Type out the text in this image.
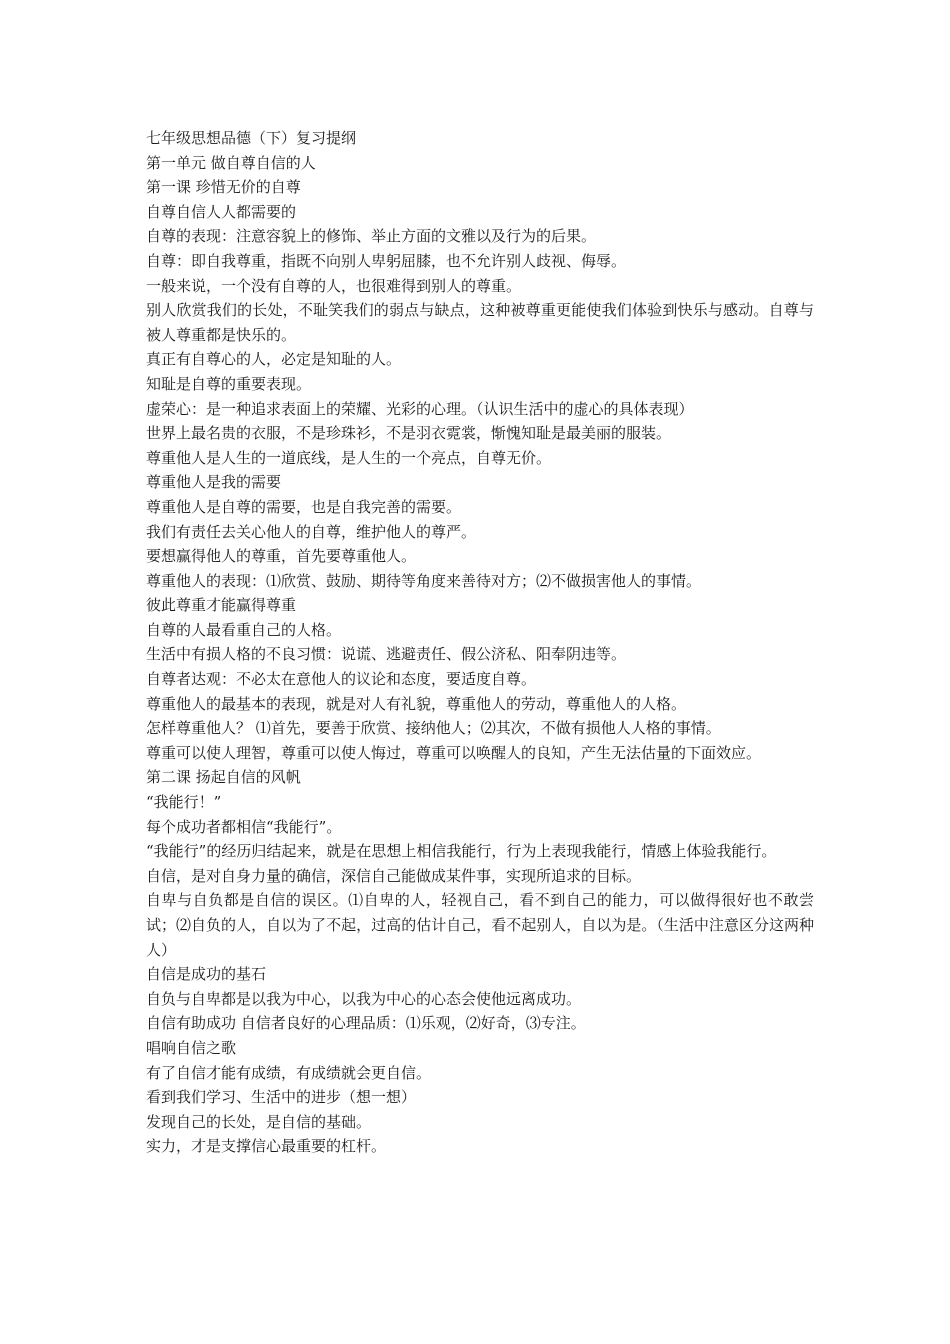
七年级思想品德（下）复习提纲

第一单元 做自尊自信的人

第一课 珍惜无价的自尊

自尊自信人人都需要的

自尊的表现：注意容貌上的修饰、举止方面的文雅以及行为的后果。

自尊：即自我尊重，指既不向别人卑躬屈膝，也不允许别人歧视、侮辱。

一般来说，一个没有自尊的人，也很难得到别人的尊重。

别人欣赏我们的长处，不耻笑我们的弱点与缺点，这种被尊重更能使我们体验到快乐与感动。自尊与被人尊重都是快乐的。

真正有自尊心的人，必定是知耻的人。

知耻是自尊的重要表现。

虚荣心：是一种追求表面上的荣耀、光彩的心理。（认识生活中的虚心的具体表现）

世界上最名贵的衣服，不是珍珠衫，不是羽衣霓裳，惭愧知耻是最美丽的服装。

尊重他人是人生的一道底线，是人生的一个亮点，自尊无价。

尊重他人是我的需要

尊重他人是自尊的需要，也是自我完善的需要。

我们有责任去关心他人的自尊，维护他人的尊严。

要想赢得他人的尊重，首先要尊重他人。

尊重他人的表现：⑴欣赏、鼓励、期待等角度来善待对方；⑵不做损害他人的事情。

彼此尊重才能赢得尊重

自尊的人最看重自己的人格。

生活中有损人格的不良习惯：说谎、逃避责任、假公济私、阳奉阴违等。

自尊者达观：不必太在意他人的议论和态度，要适度自尊。

尊重他人的最基本的表现，就是对人有礼貌，尊重他人的劳动，尊重他人的人格。

怎样尊重他人？ ⑴首先，要善于欣赏、接纳他人；⑵其次，不做有损他人人格的事情。

尊重可以使人理智，尊重可以使人悔过，尊重可以唤醒人的良知，产生无法估量的下面效应。

第二课 扬起自信的风帆

“我能行！”

每个成功者都相信“我能行”。

“我能行”的经历归结起来，就是在思想上相信我能行，行为上表现我能行，情感上体验我能行。

自信，是对自身力量的确信，深信自己能做成某件事，实现所追求的目标。

自卑与自负都是自信的误区。⑴自卑的人，轻视自己，看不到自己的能力，可以做得很好也不敢尝试；⑵自负的人，自以为了不起，过高的估计自己，看不起别人，自以为是。（生活中注意区分这两种人）

自信是成功的基石

自负与自卑都是以我为中心，以我为中心的心态会使他远离成功。

自信有助成功 自信者良好的心理品质：⑴乐观，⑵好奇，⑶专注。

唱响自信之歌

有了自信才能有成绩，有成绩就会更自信。

看到我们学习、生活中的进步（想一想）

发现自己的长处，是自信的基础。

实力，才是支撑信心最重要的杠杆。
